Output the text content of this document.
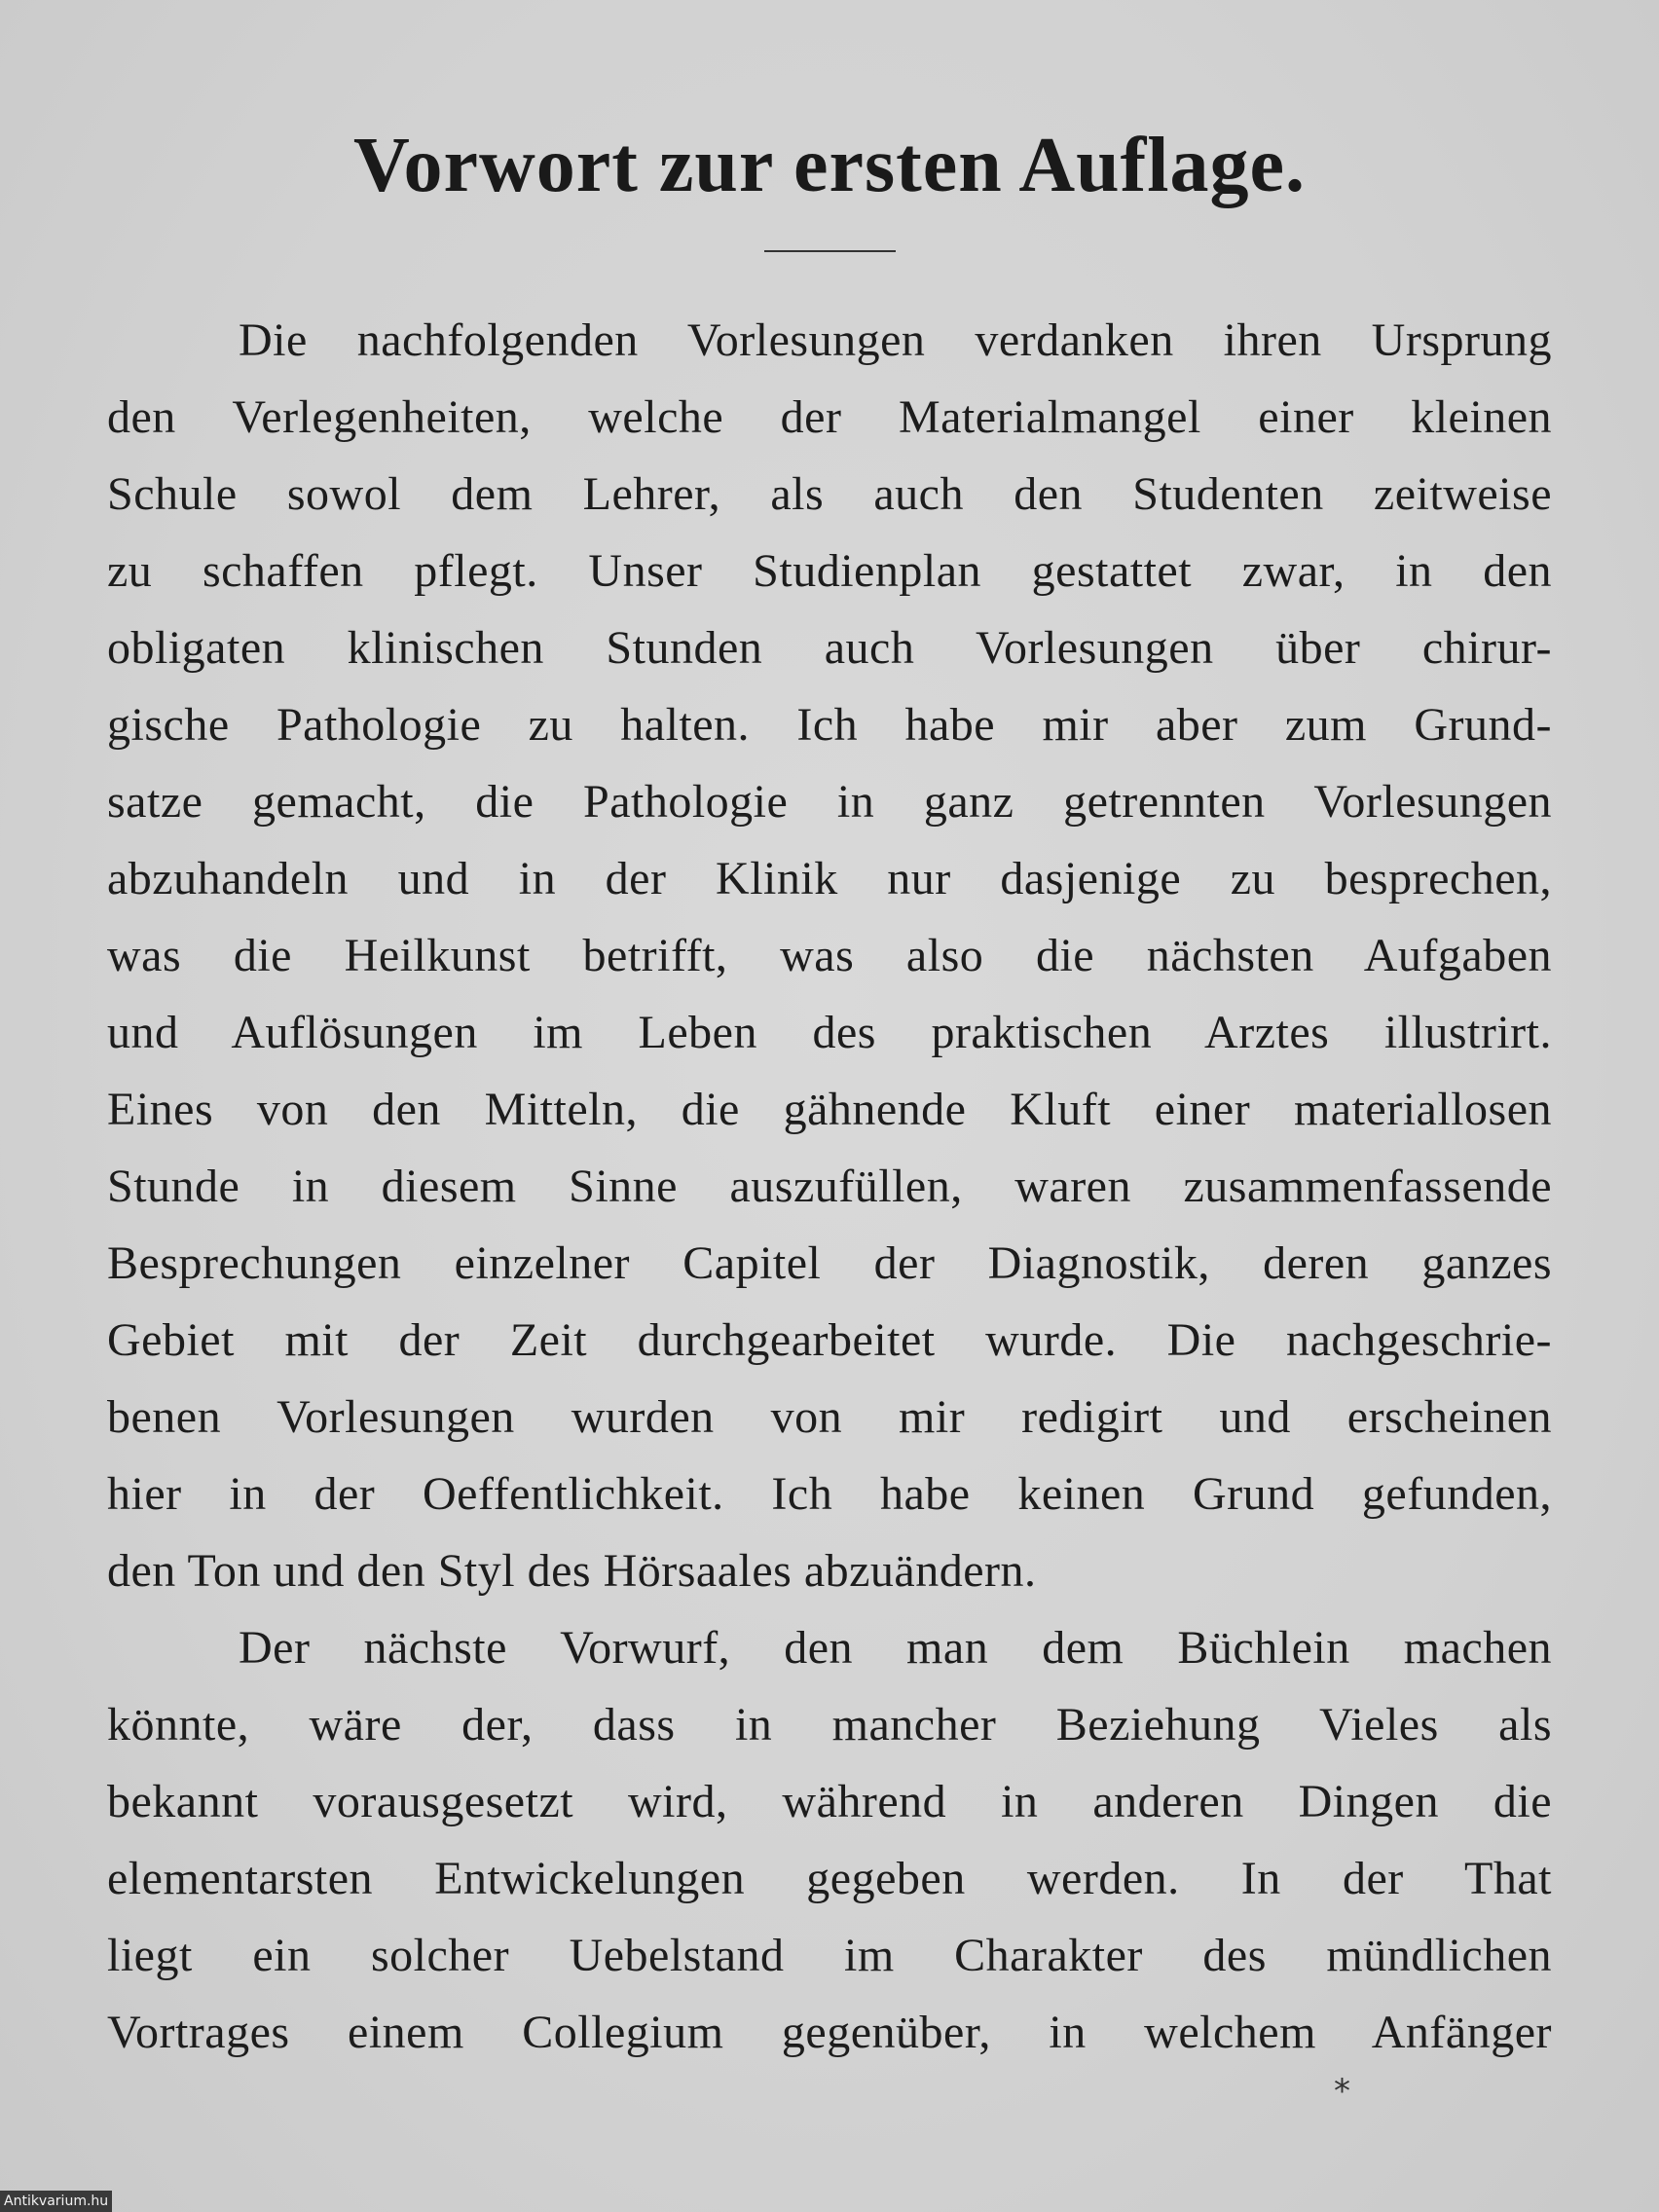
Vorwort zur ersten Auflage.
Die nachfolgenden Vorlesungen verdanken ihren Ursprung
den Verlegenheiten, welche der Materialmangel einer kleinen
Schule sowol dem Lehrer, als auch den Studenten zeitweise
zu schaffen pflegt. Unser Studienplan gestattet zwar, in den
obligaten klinischen Stunden auch Vorlesungen über chirur-
gische Pathologie zu halten. Ich habe mir aber zum Grund-
satze gemacht, die Pathologie in ganz getrennten Vorlesungen
abzuhandeln und in der Klinik nur dasjenige zu besprechen,
was die Heilkunst betrifft, was also die nächsten Aufgaben
und Auflösungen im Leben des praktischen Arztes illustrirt.
Eines von den Mitteln, die gähnende Kluft einer materiallosen
Stunde in diesem Sinne auszufüllen, waren zusammenfassende
Besprechungen einzelner Capitel der Diagnostik, deren ganzes
Gebiet mit der Zeit durchgearbeitet wurde. Die nachgeschrie-
benen Vorlesungen wurden von mir redigirt und erscheinen
hier in der Oeffentlichkeit. Ich habe keinen Grund gefunden,
den Ton und den Styl des Hörsaales abzuändern.
Der nächste Vorwurf, den man dem Büchlein machen
könnte, wäre der, dass in mancher Beziehung Vieles als
bekannt vorausgesetzt wird, während in anderen Dingen die
elementarsten Entwickelungen gegeben werden. In der That
liegt ein solcher Uebelstand im Charakter des mündlichen
Vortrages einem Collegium gegenüber, in welchem Anfänger
*
Antikvarium.hu
